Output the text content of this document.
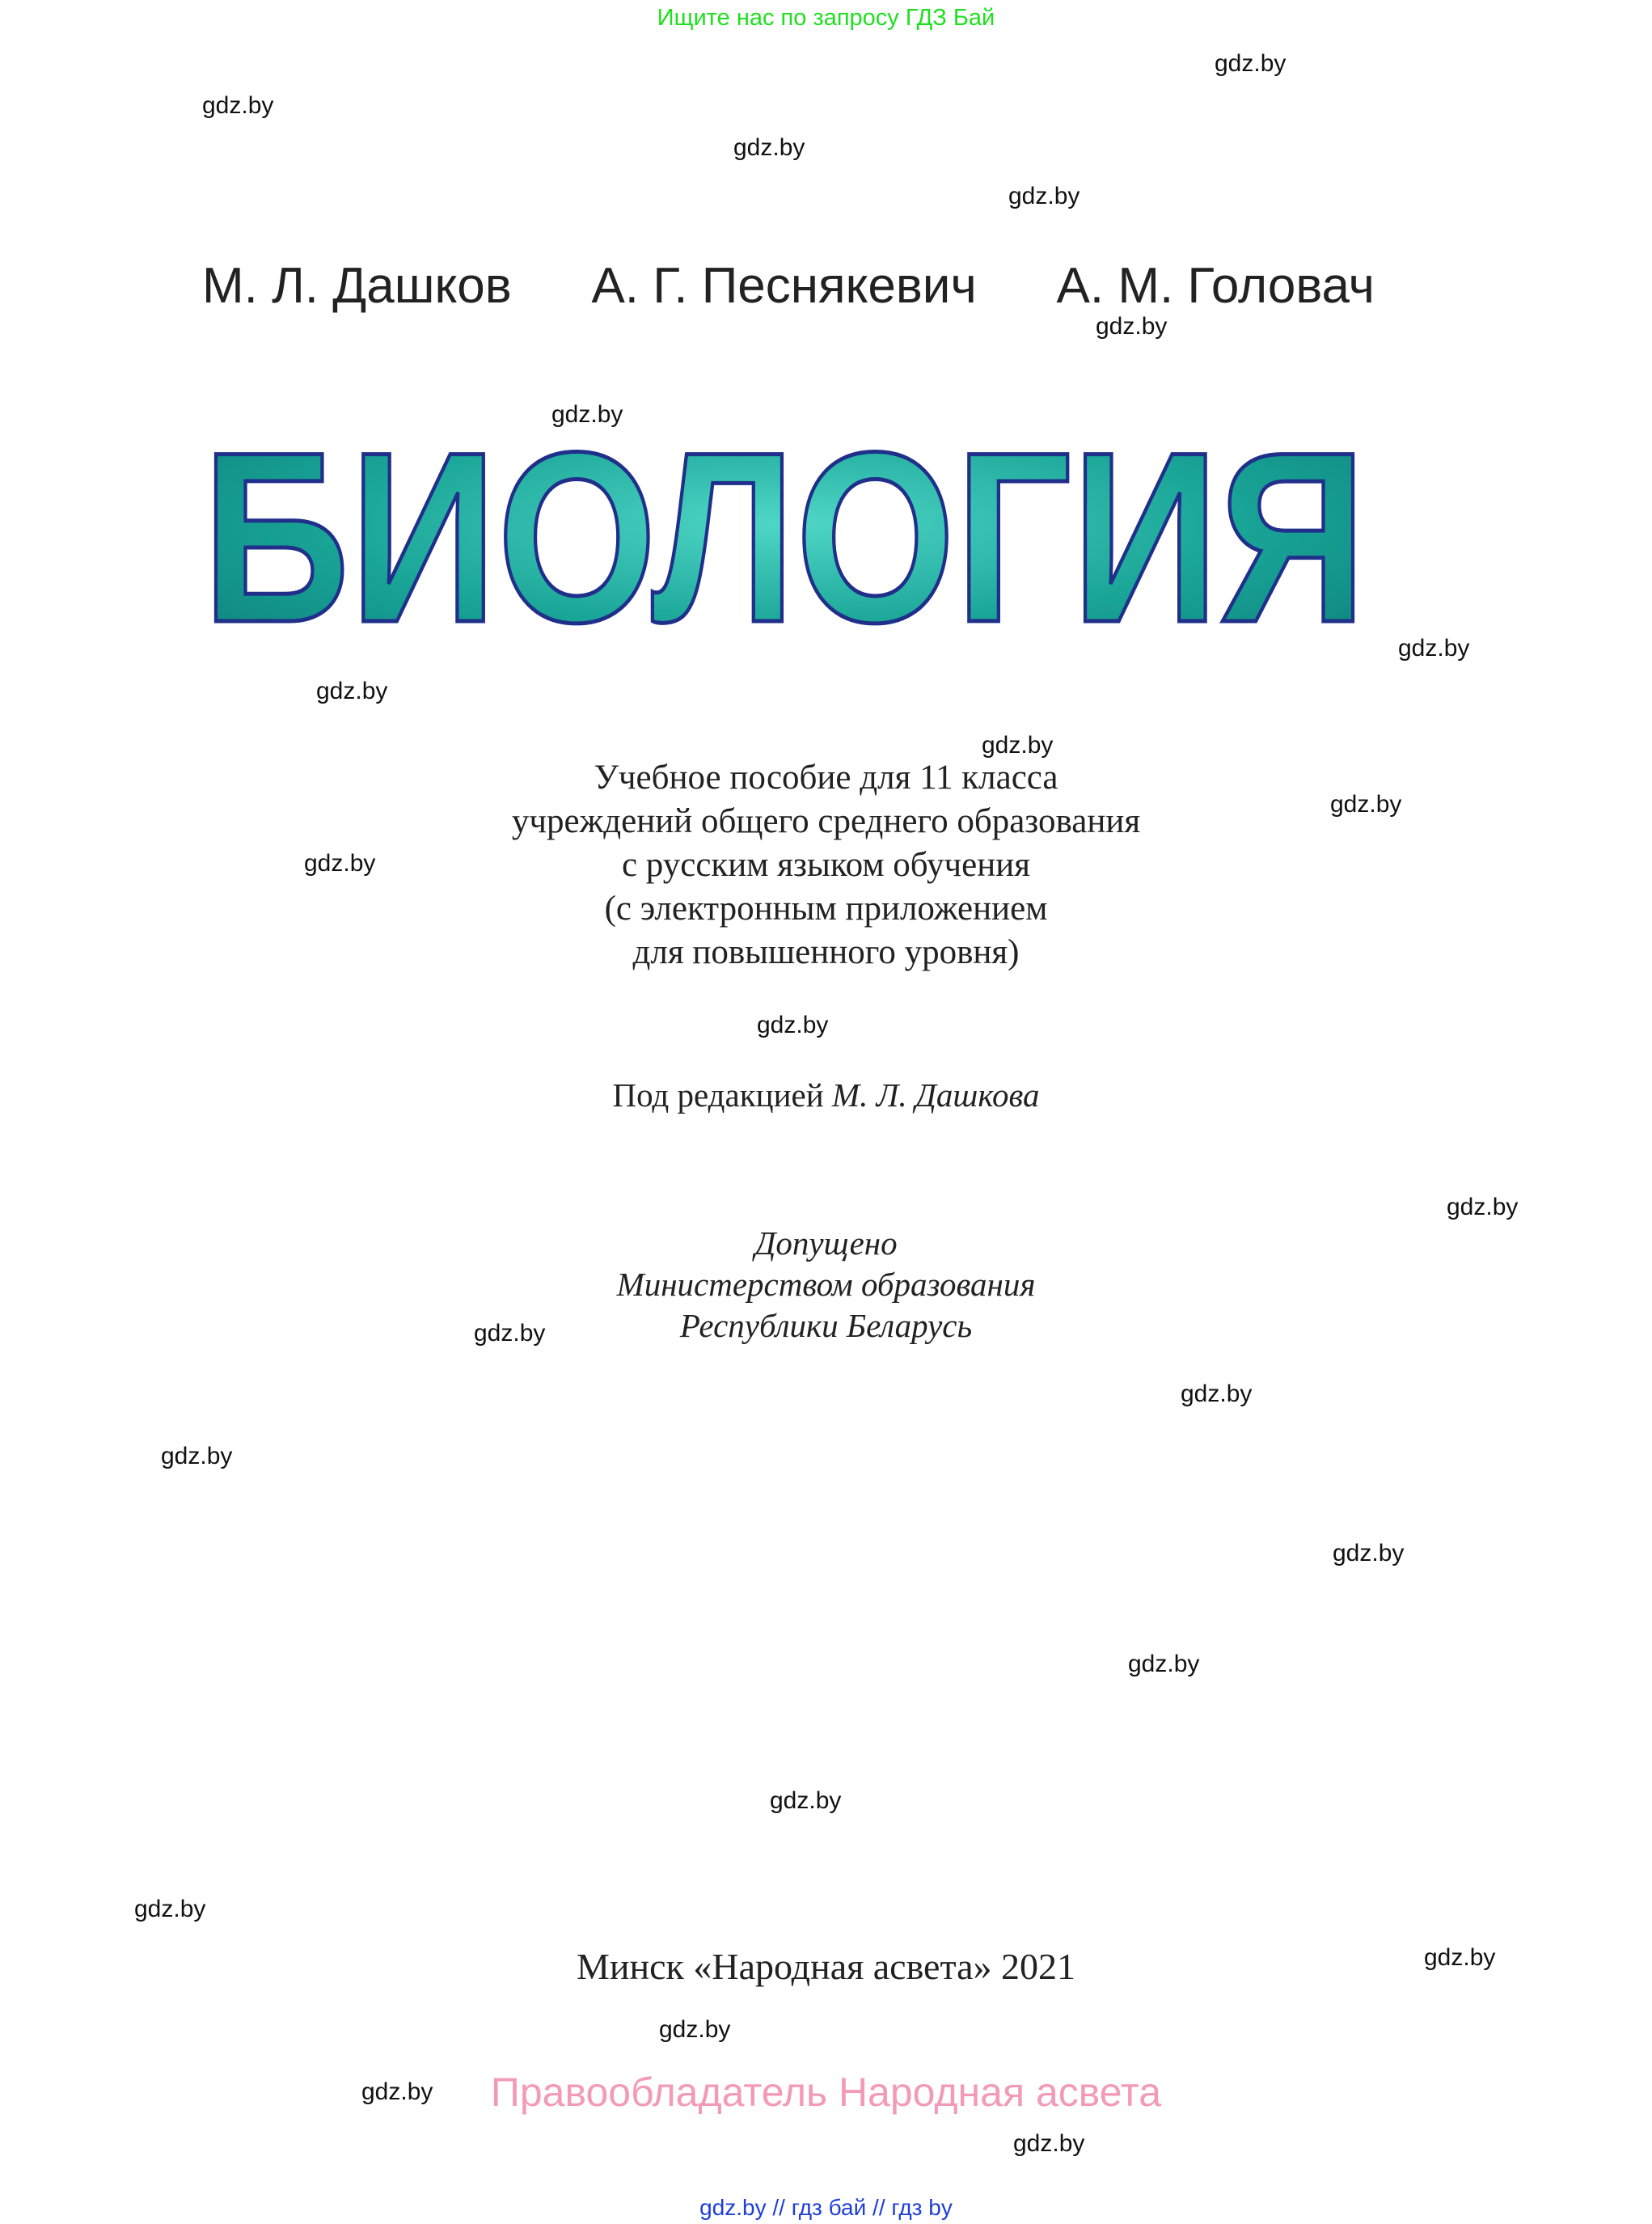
Ищите нас по запросу ГДЗ Бай
М. Л. Дашков А. Г. Песнякевич А. М. Головач
БИОЛОГИЯ
Учебное пособие для 11 класса
учреждений общего среднего образования
с русским языком обучения
(с электронным приложением
для повышенного уровня)
Под редакцией М. Л. Дашкова
Допущено
Министерством образования
Республики Беларусь
Минск «Народная асвета» 2021
Правообладатель Народная асвета
gdz.by // гдз бай // гдз by
gdz.by
gdz.by
gdz.by
gdz.by
gdz.by
gdz.by
gdz.by
gdz.by
gdz.by
gdz.by
gdz.by
gdz.by
gdz.by
gdz.by
gdz.by
gdz.by
gdz.by
gdz.by
gdz.by
gdz.by
gdz.by
gdz.by
gdz.by
gdz.by
